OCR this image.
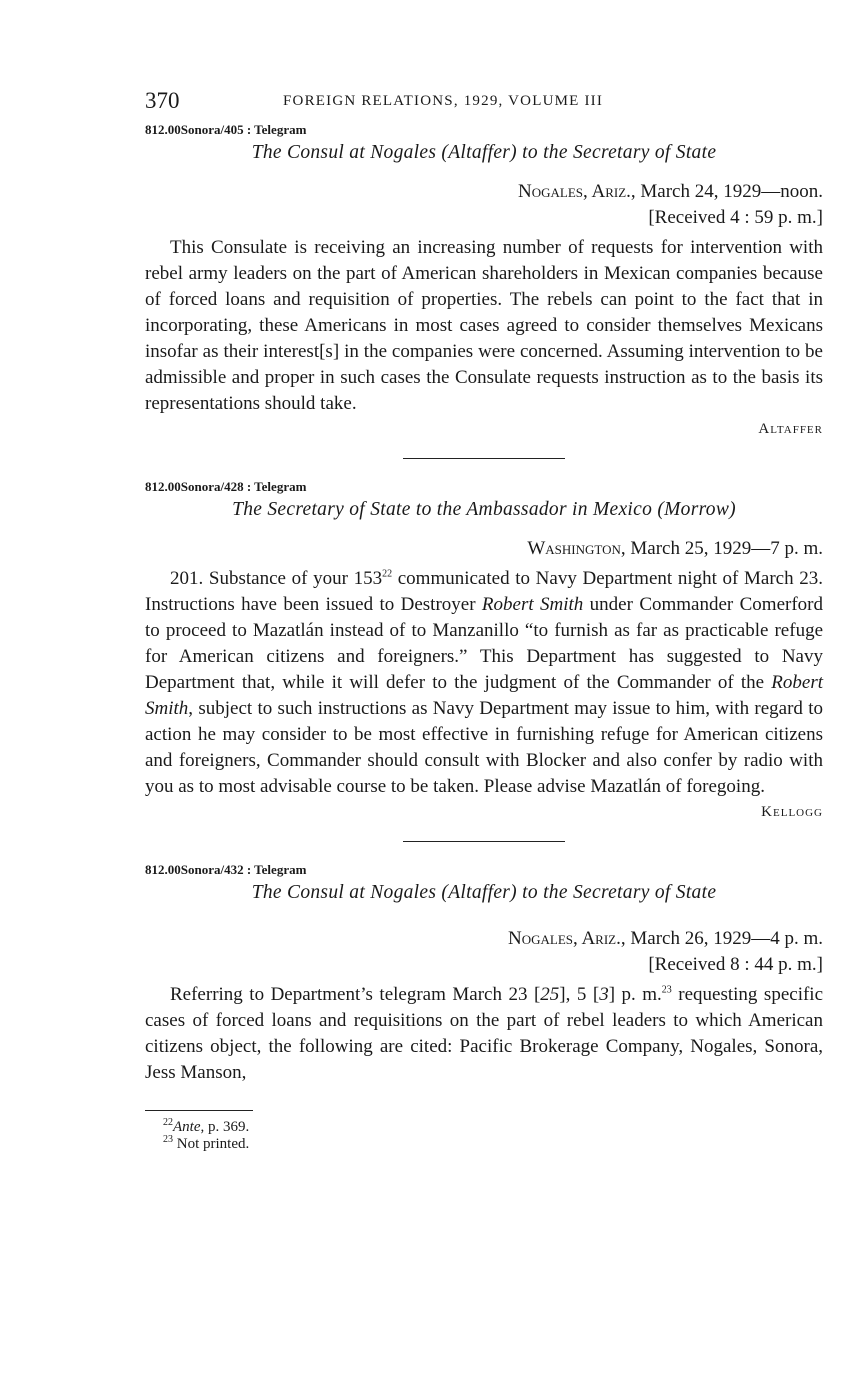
370	FOREIGN RELATIONS, 1929, VOLUME III

812.00Sonora/405 : Telegram

The Consul at Nogales (Altaffer) to the Secretary of State

Nogales, Ariz., March 24, 1929—noon.
[Received 4 : 59 p. m.]

This Consulate is receiving an increasing number of requests for intervention with rebel army leaders on the part of American shareholders in Mexican companies because of forced loans and requisition of properties. The rebels can point to the fact that in incorporating, these Americans in most cases agreed to consider themselves Mexicans insofar as their interest[s] in the companies were concerned. Assuming intervention to be admissible and proper in such cases the Consulate requests instruction as to the basis its representations should take.

Altaffer

812.00Sonora/428 : Telegram

The Secretary of State to the Ambassador in Mexico (Morrow)

Washington, March 25, 1929—7 p. m.

201. Substance of your $153^{22}$ communicated to Navy Department night of March 23. Instructions have been issued to Destroyer Robert Smith under Commander Comerford to proceed to Mazatlán instead of to Manzanillo “to furnish as far as practicable refuge for American citizens and foreigners.” This Department has suggested to Navy Department that, while it will defer to the judgment of the Commander of the Robert Smith, subject to such instructions as Navy Department may issue to him, with regard to action he may consider to be most effective in furnishing refuge for American citizens and foreigners, Commander should consult with Blocker and also confer by radio with you as to most advisable course to be taken. Please advise Mazatlán of foregoing.

Kellogg

812.00Sonora/432 : Telegram

The Consul at Nogales (Altaffer) to the Secretary of State

Nogales, Ariz., March 26, 1929—4 p. m.
[Received 8 : 44 p. m.]

Referring to Department’s telegram March 23 [25], 5 [3] p. m.$^{23}$ requesting specific cases of forced loans and requisitions on the part of rebel leaders to which American citizens object, the following are cited: Pacific Brokerage Company, Nogales, Sonora, Jess Manson,

$^{22}$Ante, p. 369.
$^{23}$ Not printed.
